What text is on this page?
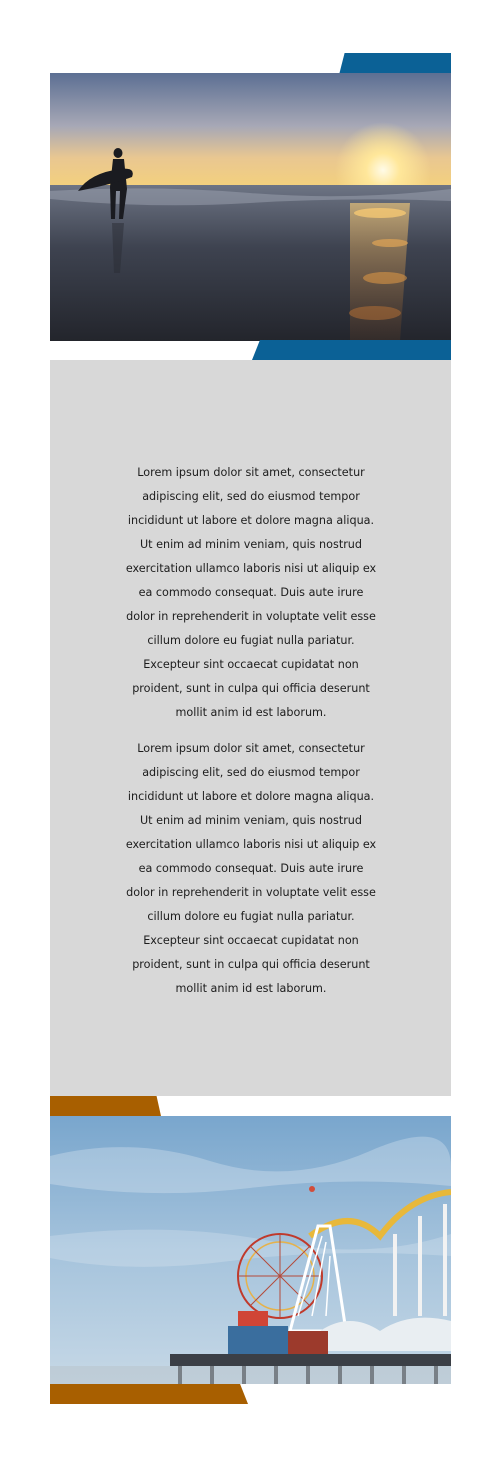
Lorem ipsum dolor sit amet, consectetur adipiscing elit, sed do eiusmod tempor incididunt ut labore et dolore magna aliqua. Ut enim ad minim veniam, quis nostrud exercitation ullamco laboris nisi ut aliquip ex ea commodo consequat. Duis aute irure dolor in reprehenderit in voluptate velit esse cillum dolore eu fugiat nulla pariatur. Excepteur sint occaecat cupidatat non proident, sunt in culpa qui officia deserunt mollit anim id est laborum.

Lorem ipsum dolor sit amet, consectetur adipiscing elit, sed do eiusmod tempor incididunt ut labore et dolore magna aliqua. Ut enim ad minim veniam, quis nostrud exercitation ullamco laboris nisi ut aliquip ex ea commodo consequat. Duis aute irure dolor in reprehenderit in voluptate velit esse cillum dolore eu fugiat nulla pariatur. Excepteur sint occaecat cupidatat non proident, sunt in culpa qui officia deserunt mollit anim id est laborum.
